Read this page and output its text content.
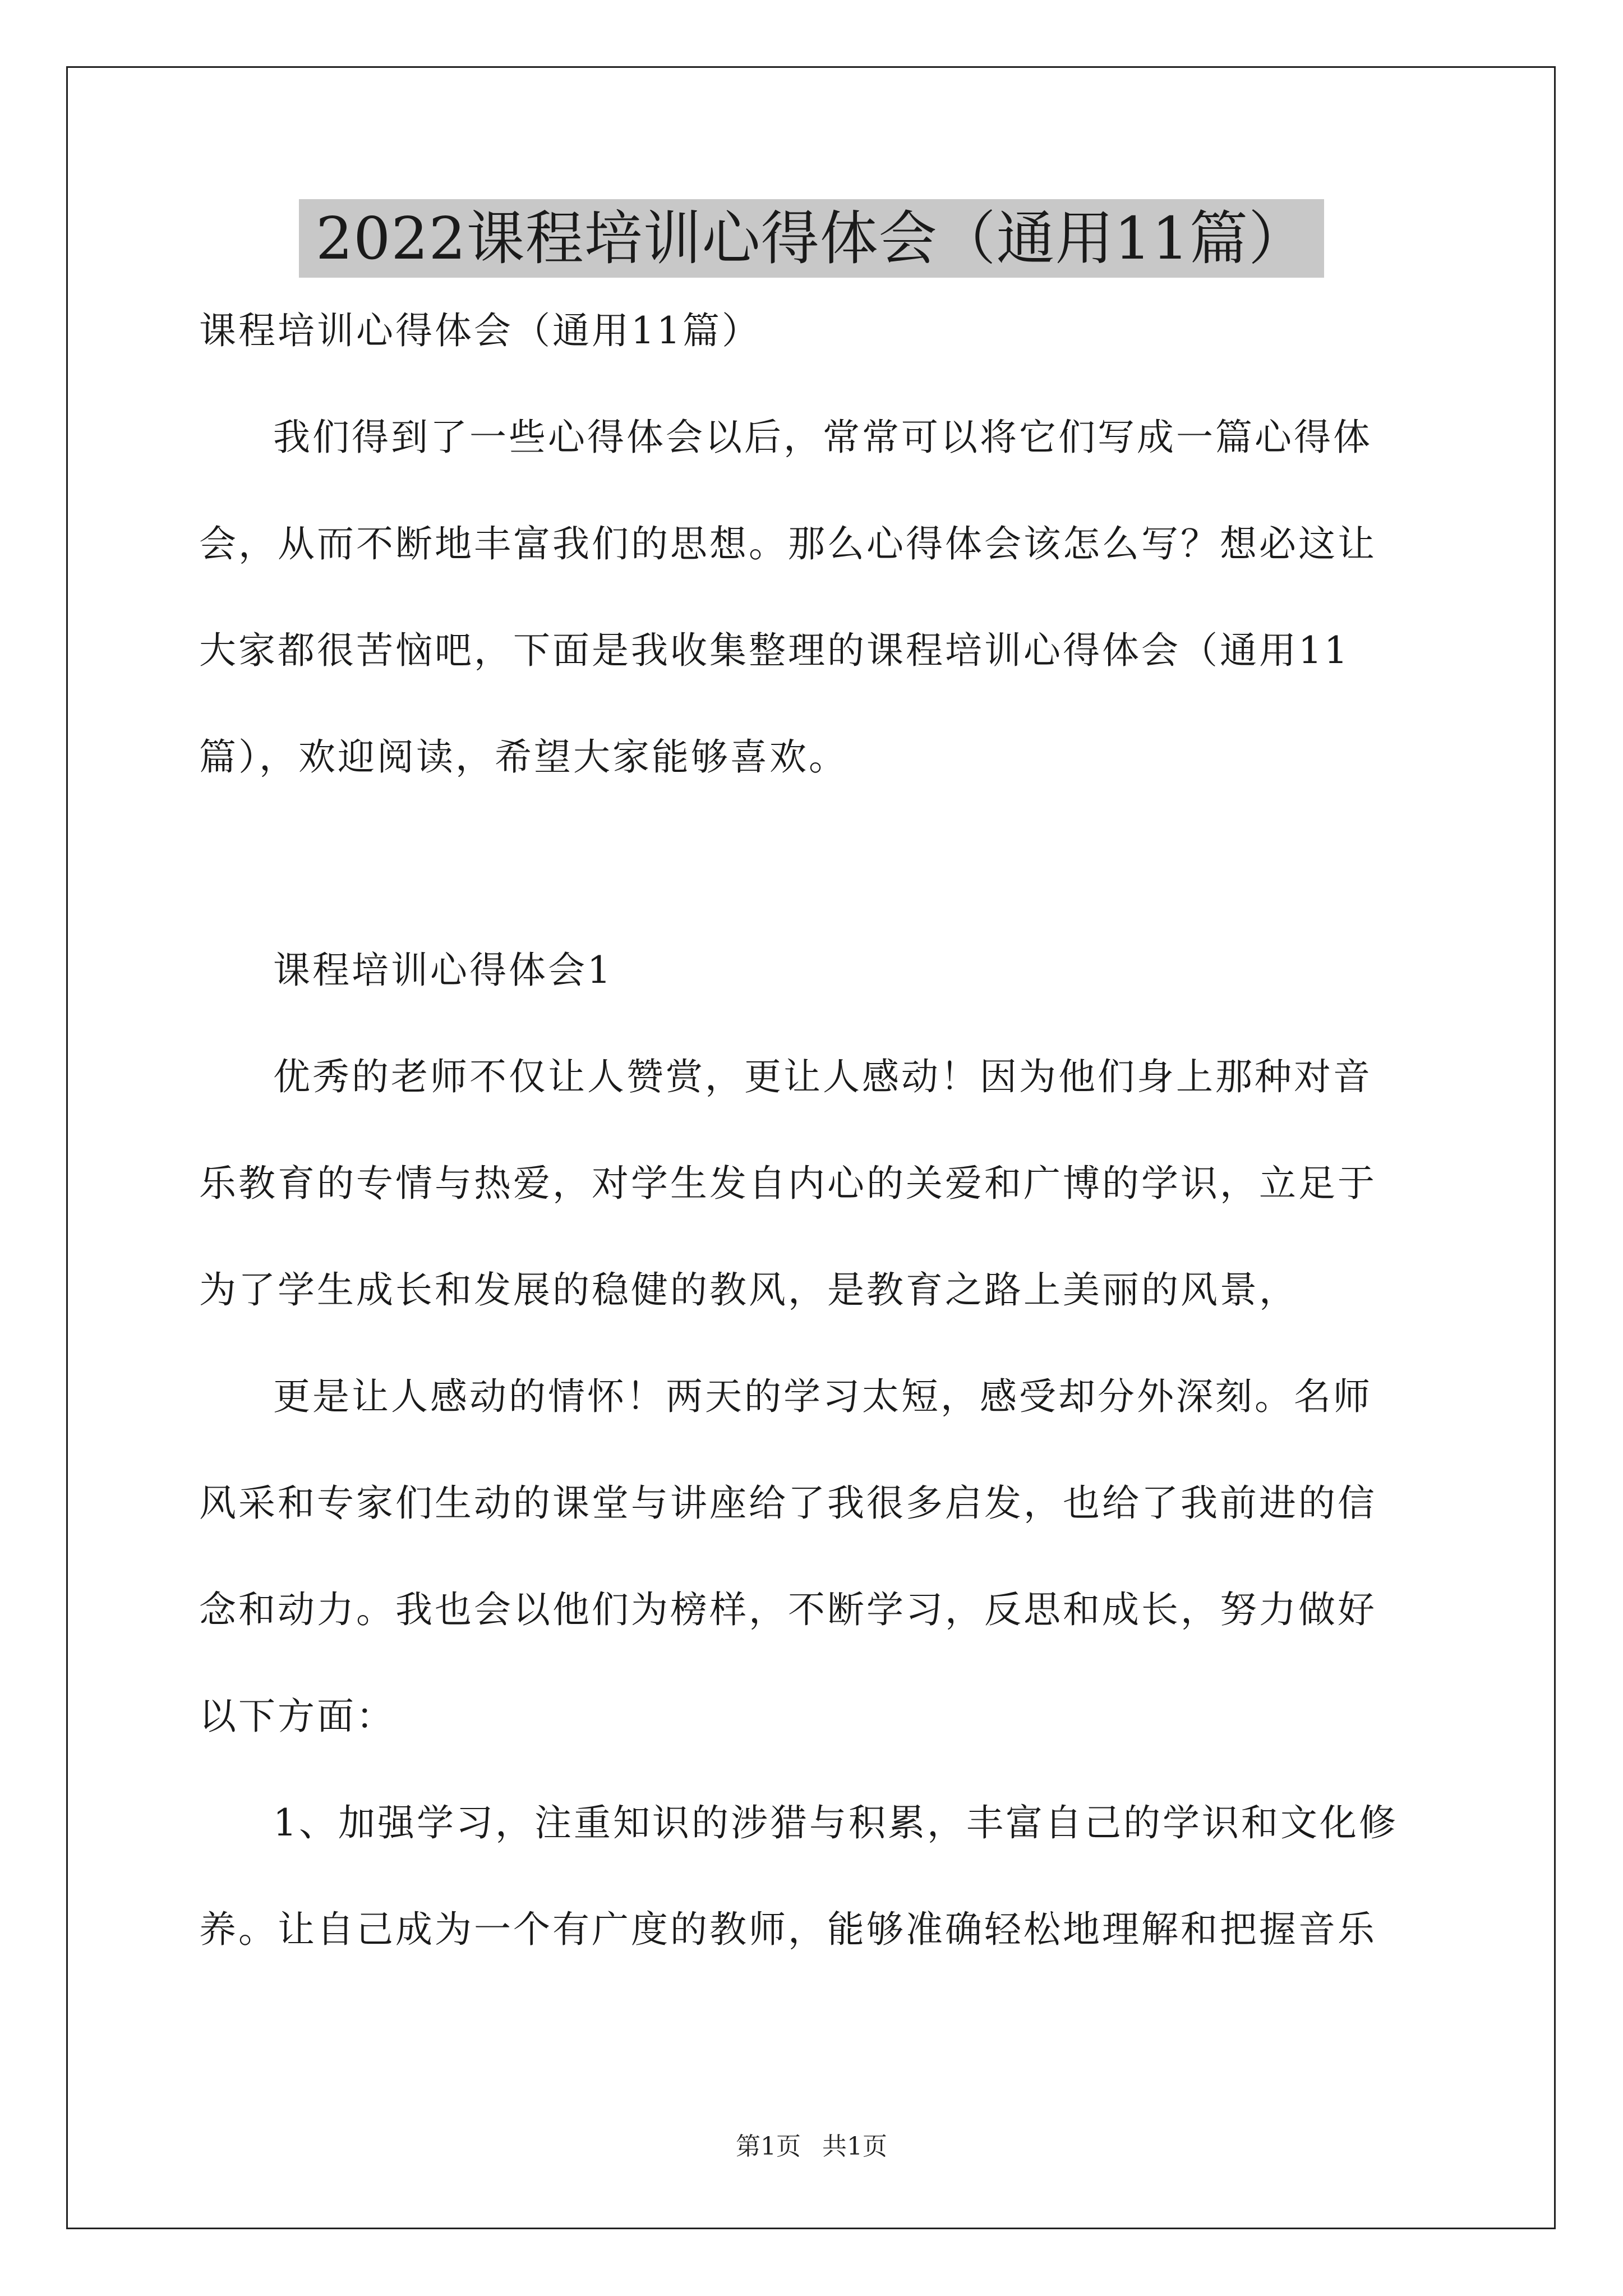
2022课程培训心得体会（通用11篇）
课程培训心得体会（通用11篇）
我们得到了一些心得体会以后，常常可以将它们写成一篇心得体
会，从而不断地丰富我们的思想。那么心得体会该怎么写？想必这让
大家都很苦恼吧，下面是我收集整理的课程培训心得体会（通用11
篇），欢迎阅读，希望大家能够喜欢。
课程培训心得体会1
优秀的老师不仅让人赞赏，更让人感动！因为他们身上那种对音
乐教育的专情与热爱，对学生发自内心的关爱和广博的学识，立足于
为了学生成长和发展的稳健的教风，是教育之路上美丽的风景，
更是让人感动的情怀！两天的学习太短，感受却分外深刻。名师
风采和专家们生动的课堂与讲座给了我很多启发，也给了我前进的信
念和动力。我也会以他们为榜样，不断学习，反思和成长，努力做好
以下方面：
1、加强学习，注重知识的涉猎与积累，丰富自己的学识和文化修
养。让自己成为一个有广度的教师，能够准确轻松地理解和把握音乐
第1页 共1页
